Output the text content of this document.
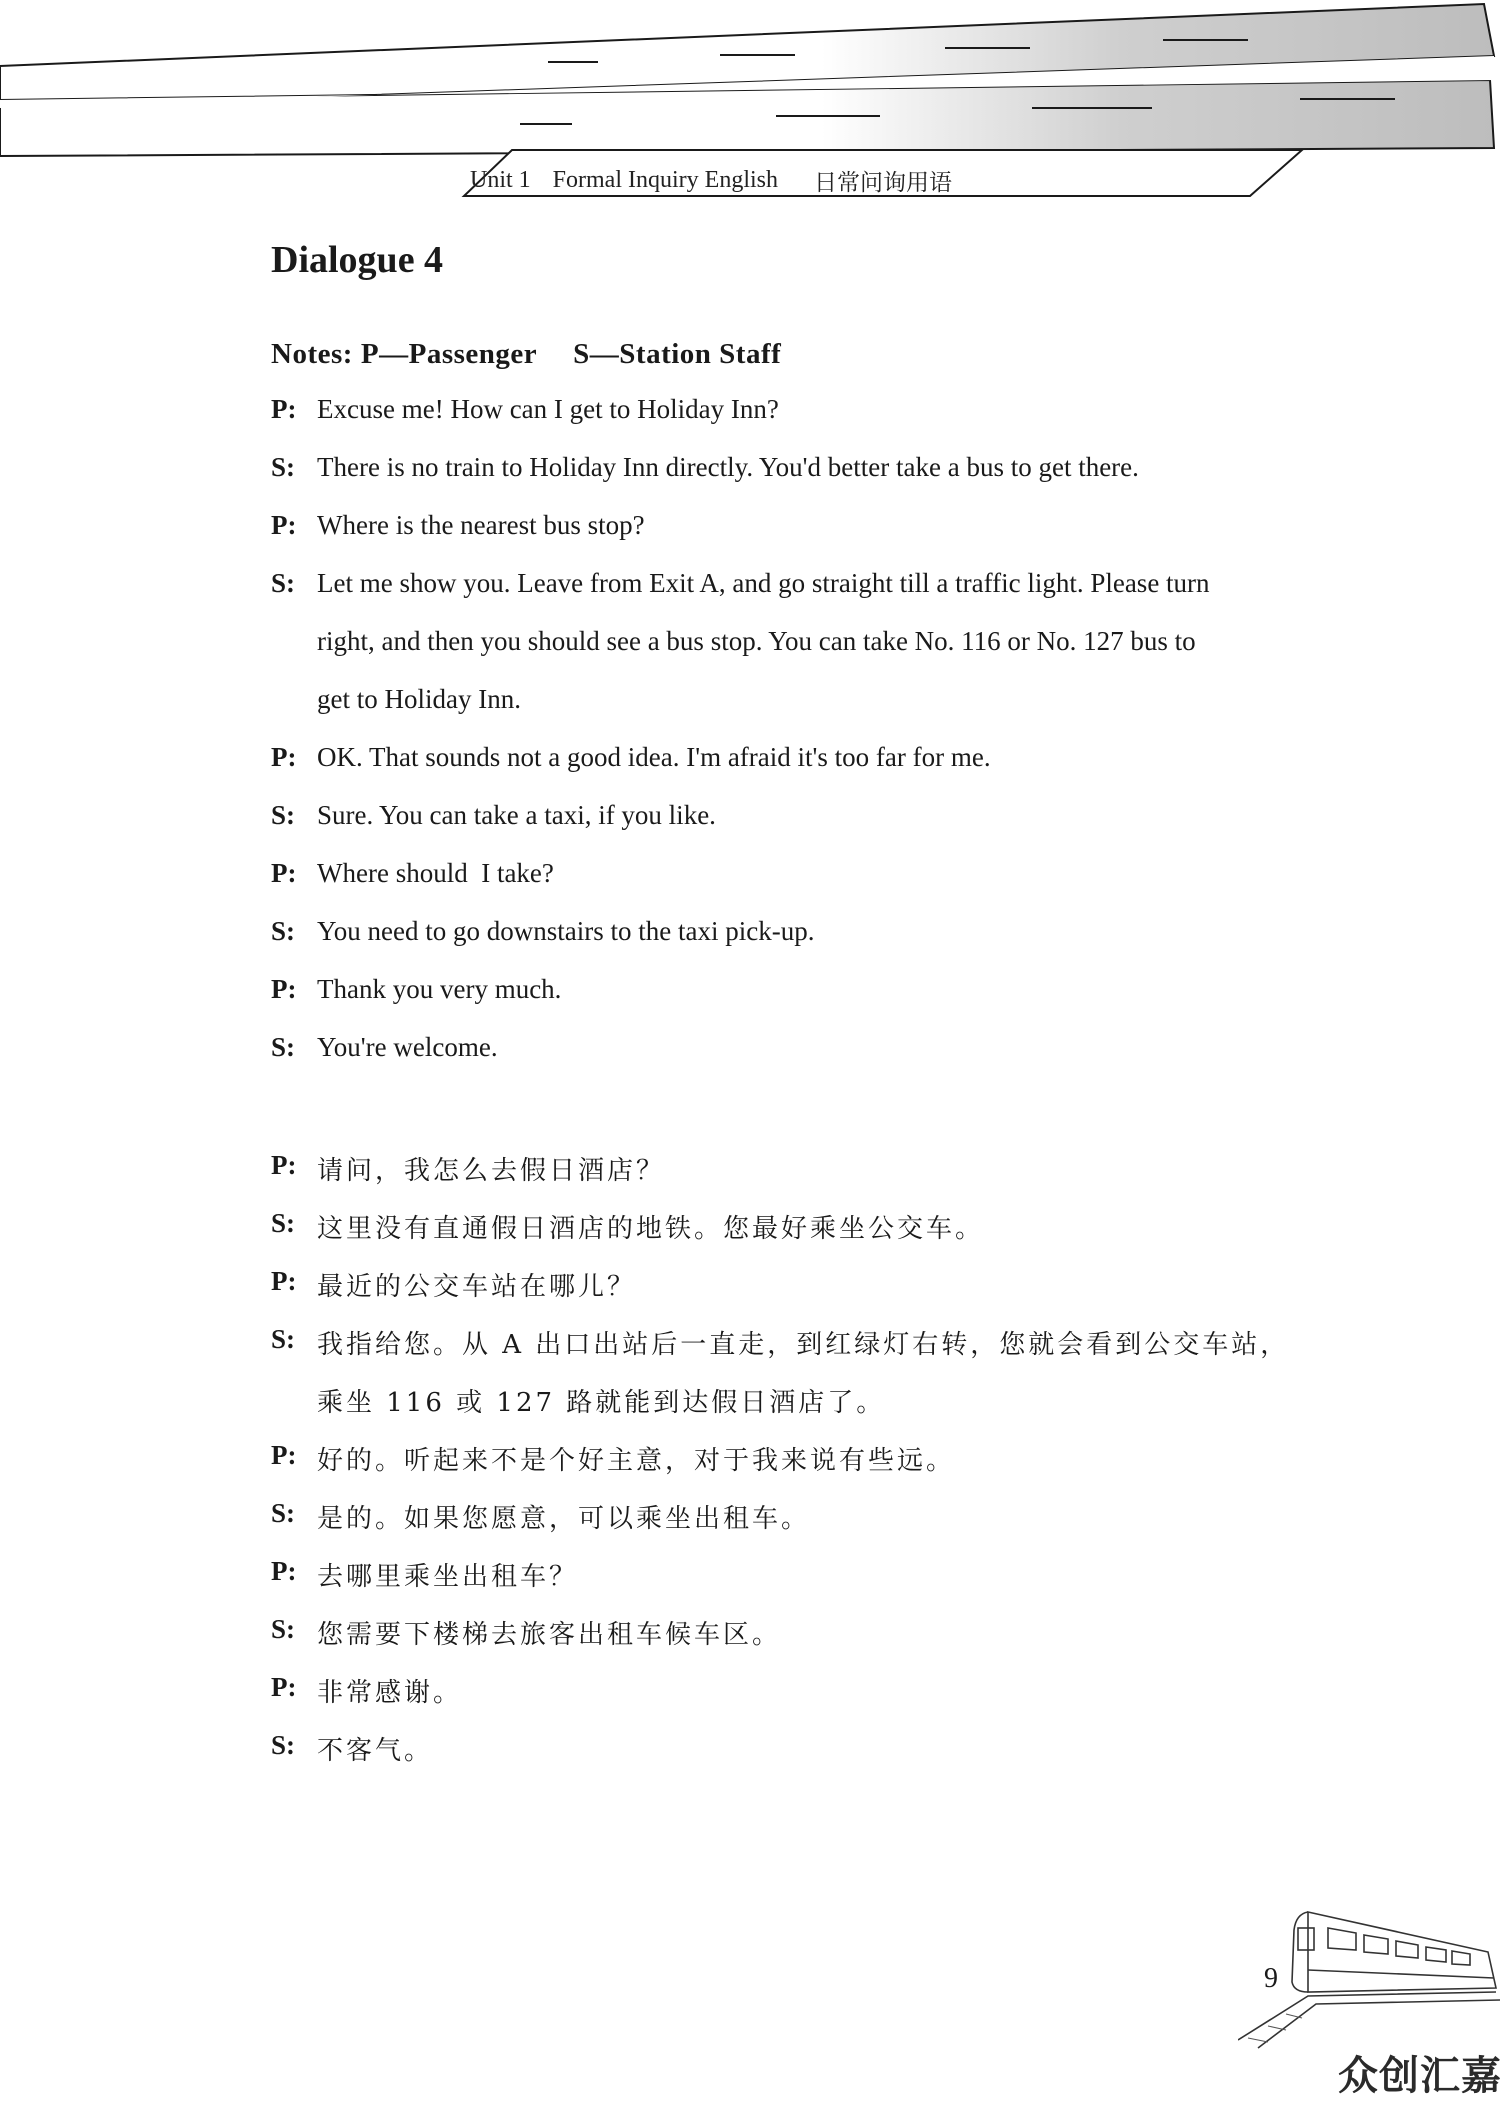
Unit 1 Formal Inquiry English 日常问询用语
Dialogue 4
Notes: P—Passenger S—Station Staff
P: Excuse me! How can I get to Holiday Inn?
S: There is no train to Holiday Inn directly. You'd better take a bus to get there.
P: Where is the nearest bus stop?
S: Let me show you. Leave from Exit A, and go straight till a traffic light. Please turn
right, and then you should see a bus stop. You can take No. 116 or No. 127 bus to
get to Holiday Inn.
P: OK. That sounds not a good idea. I'm afraid it's too far for me.
S: Sure. You can take a taxi, if you like.
P: Where should  I take?
S: You need to go downstairs to the taxi pick-up.
P: Thank you very much.
S: You're welcome.
P: 请问，我怎么去假日酒店？
S: 这里没有直通假日酒店的地铁。您最好乘坐公交车。
P: 最近的公交车站在哪儿？
S: 我指给您。从 A 出口出站后一直走，到红绿灯右转，您就会看到公交车站，
乘坐 116 或 127 路就能到达假日酒店了。
P: 好的。听起来不是个好主意，对于我来说有些远。
S: 是的。如果您愿意，可以乘坐出租车。
P: 去哪里乘坐出租车？
S: 您需要下楼梯去旅客出租车候车区。
P: 非常感谢。
S: 不客气。
9
众创汇嘉
